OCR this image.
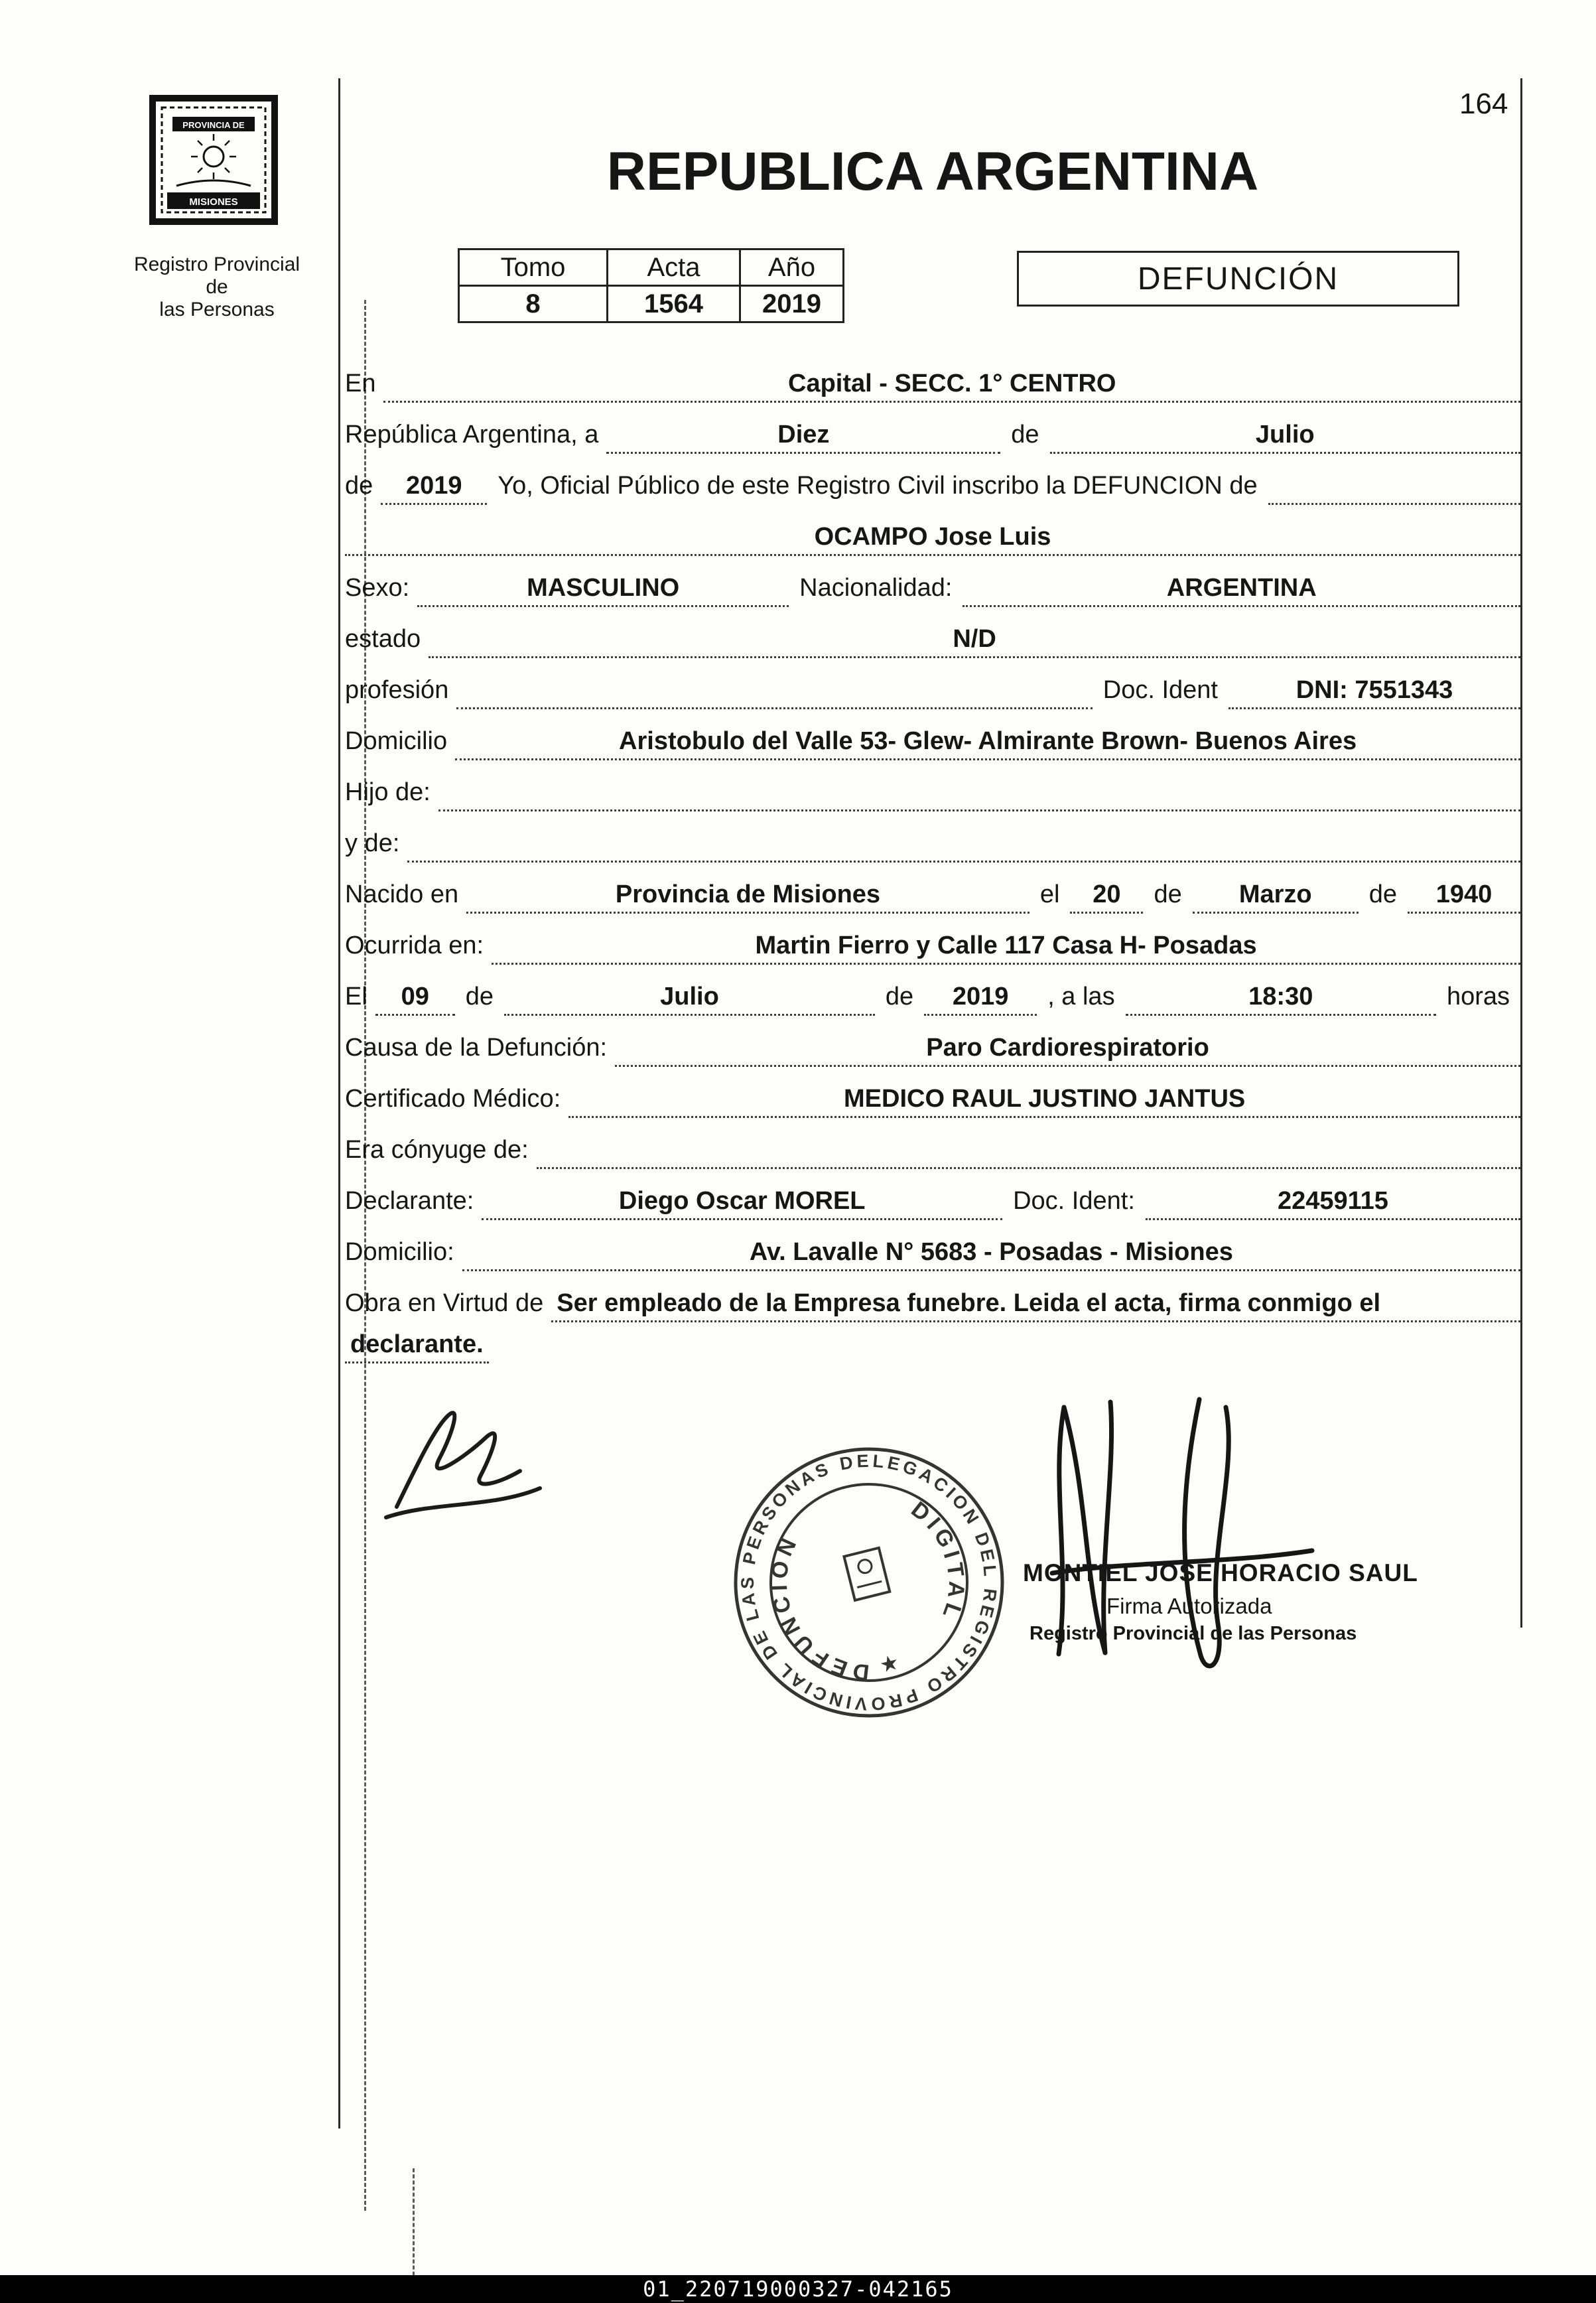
164
PROVINCIA DE
MISIONES
Registro Provincial de
las Personas
REPUBLICA ARGENTINA
Tomo	Acta	Año
8	1564	2019
DEFUNCIÓN
En	Capital - SECC. 1° CENTRO
República Argentina, a	Diez	de	Julio
de	2019	Yo, Oficial Público de este Registro Civil inscribo la DEFUNCION de
OCAMPO Jose Luis
Sexo:	MASCULINO	Nacionalidad:	ARGENTINA
estado	N/D
profesión	Doc. Ident	DNI: 7551343
Domicilio	Aristobulo del Valle 53- Glew- Almirante Brown- Buenos Aires
Hijo de:
y de:
Nacido en	Provincia de Misiones	el	20	de	Marzo	de	1940
Ocurrida en:	Martin Fierro y Calle 117 Casa H- Posadas
El	09	de	Julio	de	2019	, a las	18:30	horas
Causa de la Defunción:	Paro Cardiorespiratorio
Certificado Médico:	MEDICO RAUL JUSTINO JANTUS
Era cónyuge de:
Declarante:	Diego Oscar MOREL	Doc. Ident:	22459115
Domicilio:	Av. Lavalle N° 5683 - Posadas - Misiones
Obra en Virtud de Ser empleado de la Empresa funebre. Leida el acta, firma conmigo el
declarante.
DELEGACION DEL REGISTRO PROVINCIAL DE LAS PERSONAS
DEFUNCION
DIGITAL
★
MONTIEL JOSE HORACIO SAUL
Firma Autorizada
Registro Provincial de las Personas
01_220719000327-042165
